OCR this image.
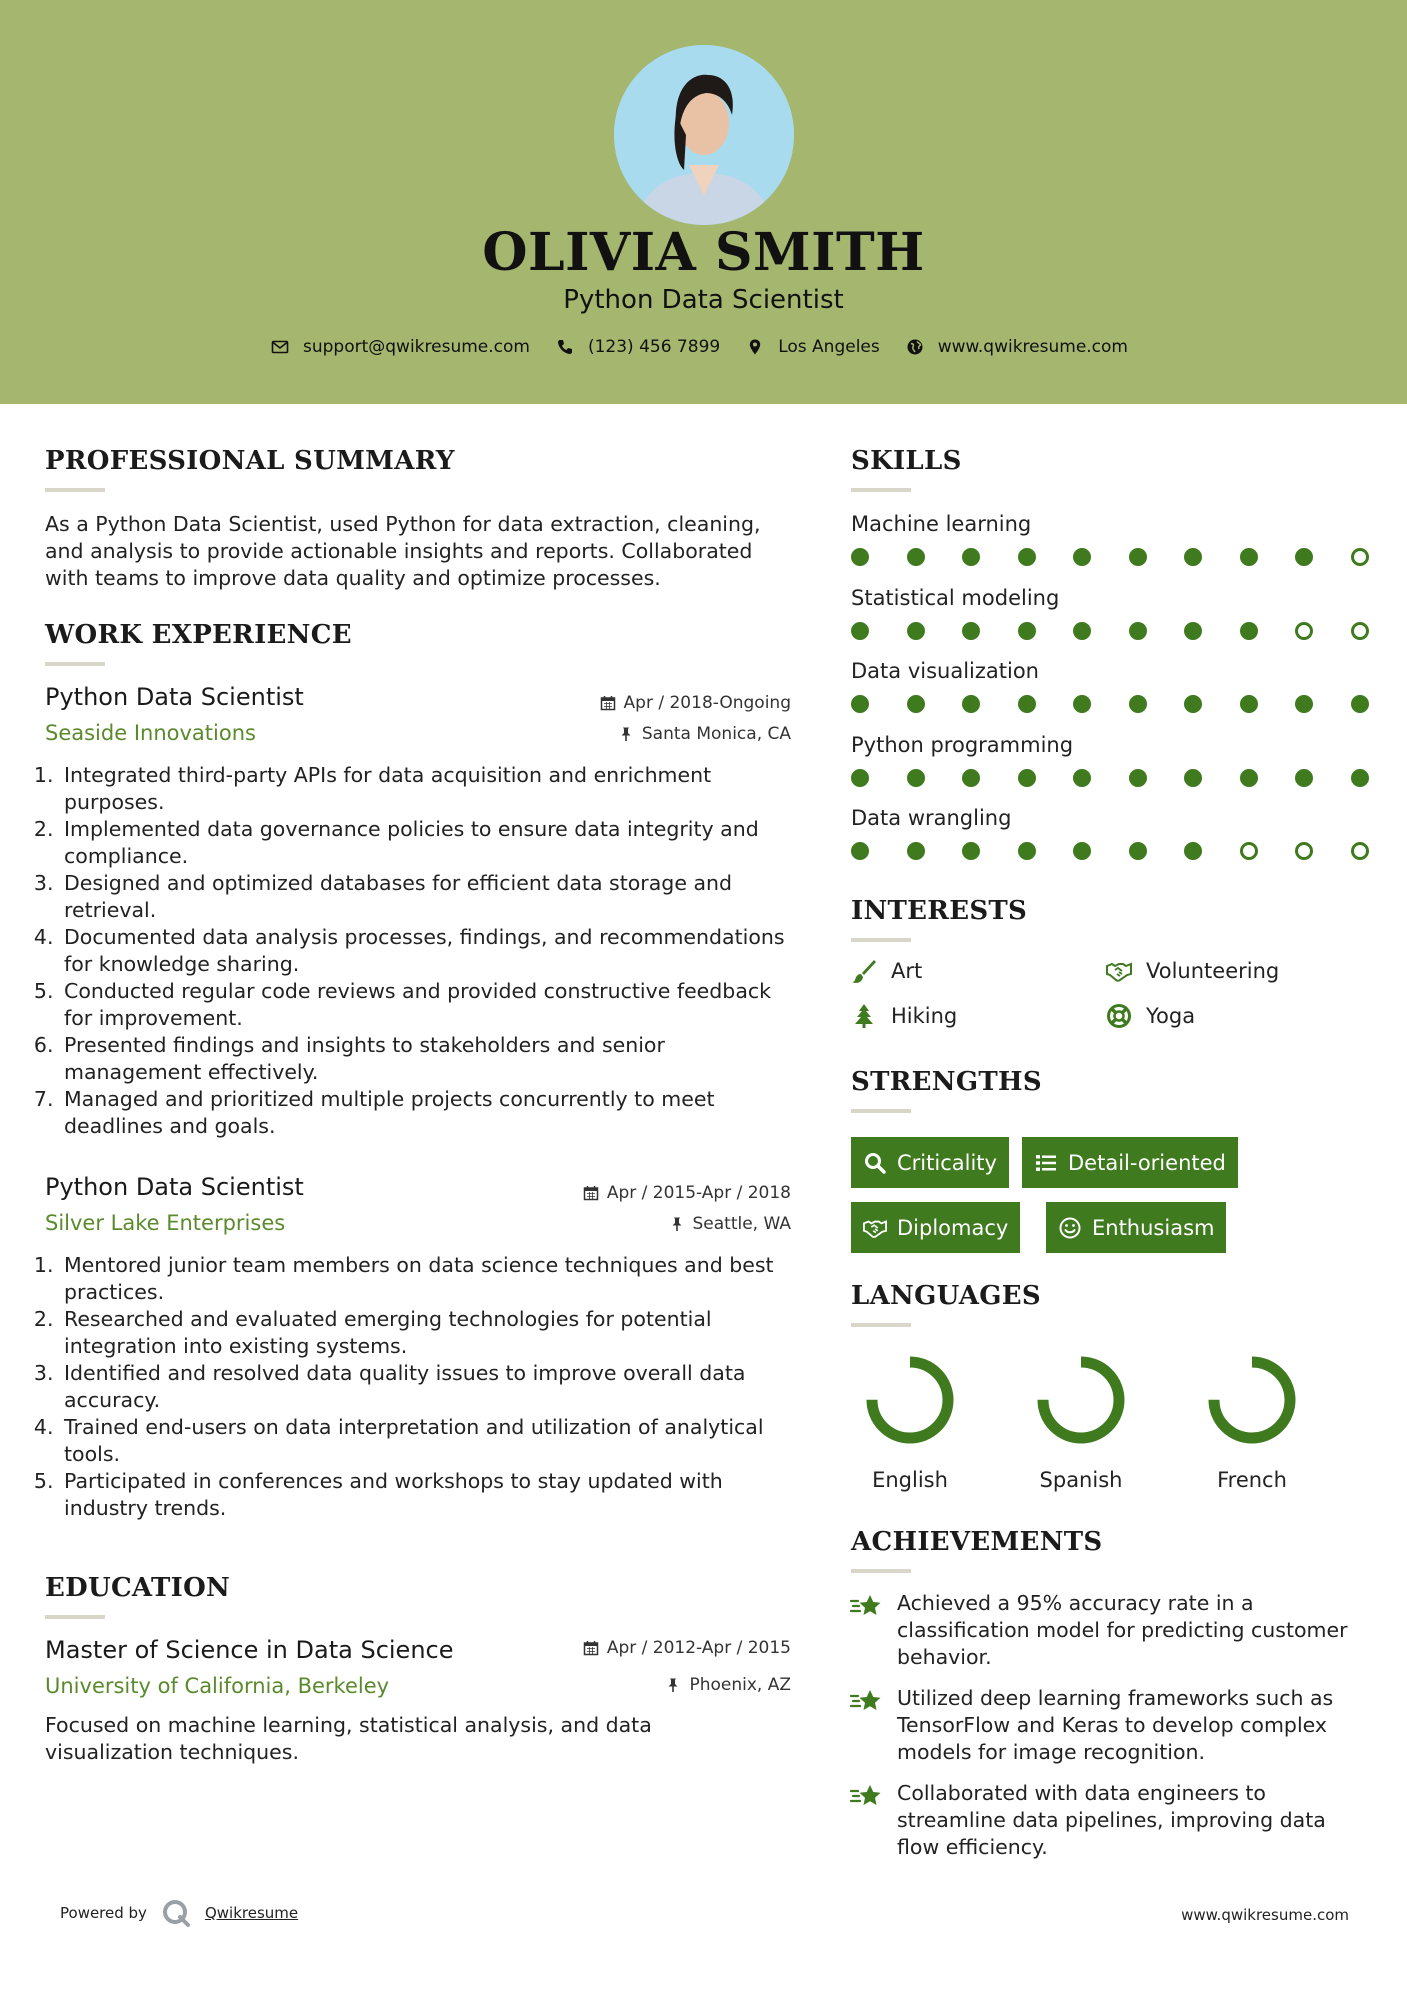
OLIVIA SMITH
Python Data Scientist
support@qwikresume.com	(123) 456 7899	Los Angeles	www.qwikresume.com
PROFESSIONAL SUMMARY
As a Python Data Scientist, used Python for data extraction, cleaning,
and analysis to provide actionable insights and reports. Collaborated
with teams to improve data quality and optimize processes.
WORK EXPERIENCE
Python Data Scientist
Seaside Innovations
Apr / 2018-Ongoing
Santa Monica, CA
1. Integrated third-party APIs for data acquisition and enrichment purposes.
2. Implemented data governance policies to ensure data integrity and compliance.
3. Designed and optimized databases for efficient data storage and retrieval.
4. Documented data analysis processes, findings, and recommendations for knowledge sharing.
5. Conducted regular code reviews and provided constructive feedback for improvement.
6. Presented findings and insights to stakeholders and senior management effectively.
7. Managed and prioritized multiple projects concurrently to meet deadlines and goals.
Python Data Scientist
Silver Lake Enterprises
Apr / 2015-Apr / 2018
Seattle, WA
1. Mentored junior team members on data science techniques and best practices.
2. Researched and evaluated emerging technologies for potential integration into existing systems.
3. Identified and resolved data quality issues to improve overall data accuracy.
4. Trained end-users on data interpretation and utilization of analytical tools.
5. Participated in conferences and workshops to stay updated with industry trends.
EDUCATION
Master of Science in Data Science
University of California, Berkeley
Apr / 2012-Apr / 2015
Phoenix, AZ
Focused on machine learning, statistical analysis, and data
visualization techniques.
SKILLS
Machine learning
Statistical modeling
Data visualization
Python programming
Data wrangling
INTERESTS
Art	Volunteering
Hiking	Yoga
STRENGTHS
Criticality	Detail-oriented
Diplomacy	Enthusiasm
LANGUAGES
English	Spanish	French
ACHIEVEMENTS
Achieved a 95% accuracy rate in a
classification model for predicting customer
behavior.
Utilized deep learning frameworks such as
TensorFlow and Keras to develop complex
models for image recognition.
Collaborated with data engineers to
streamline data pipelines, improving data
flow efficiency.
Powered by	Qwikresume	www.qwikresume.com
